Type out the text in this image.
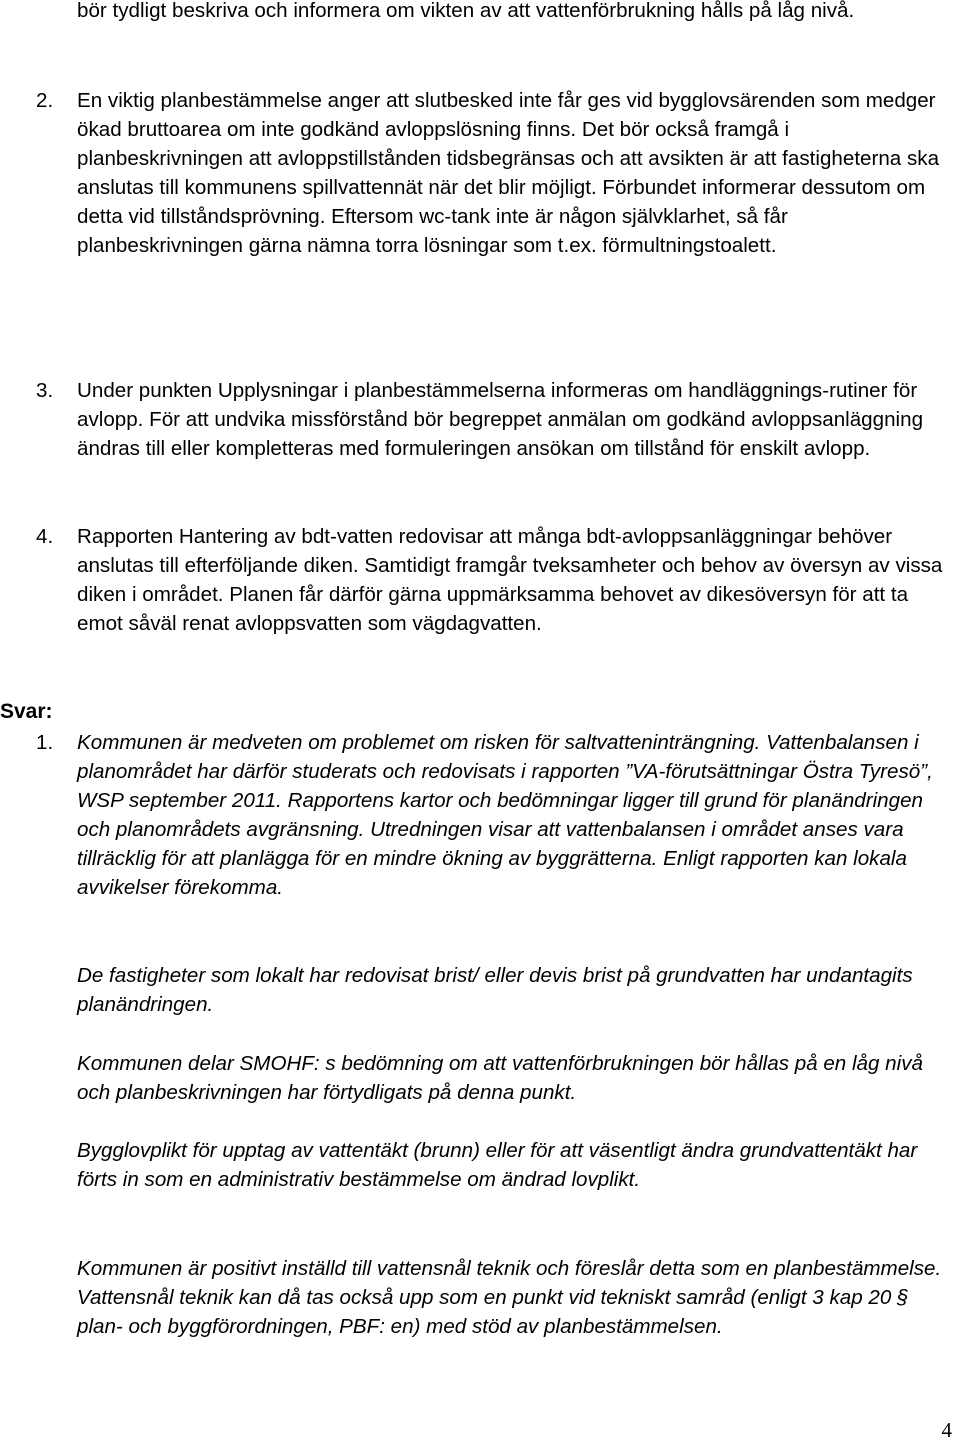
bör tydligt beskriva och informera om vikten av att vattenförbrukning hålls på låg nivå.

2. En viktig planbestämmelse anger att slutbesked inte får ges vid bygglovsärenden som medger ökad bruttoarea om inte godkänd avloppslösning finns. Det bör också framgå i planbeskrivningen att avloppstillstånden tidsbegränsas och att avsikten är att fastigheterna ska anslutas till kommunens spillvattennät när det blir möjligt. Förbundet informerar dessutom om detta vid tillståndsprövning. Eftersom wc-tank inte är någon självklarhet, så får planbeskrivningen gärna nämna torra lösningar som t.ex. förmultningstoalett.

3. Under punkten Upplysningar i planbestämmelserna informeras om handläggnings-rutiner för avlopp. För att undvika missförstånd bör begreppet anmälan om godkänd avloppsanläggning ändras till eller kompletteras med formuleringen ansökan om tillstånd för enskilt avlopp.

4. Rapporten Hantering av bdt-vatten redovisar att många bdt-avloppsanläggningar behöver anslutas till efterföljande diken. Samtidigt framgår tveksamheter och behov av översyn av vissa diken i området. Planen får därför gärna uppmärksamma behovet av dikesöversyn för att ta emot såväl renat avloppsvatten som vägdagvatten.

Svar:
1. Kommunen är medveten om problemet om risken för saltvatteninträngning. Vattenbalansen i planområdet har därför studerats och redovisats i rapporten ”VA-förutsättningar Östra Tyresö”, WSP september 2011. Rapportens kartor och bedömningar ligger till grund för planändringen och planområdets avgränsning. Utredningen visar att vattenbalansen i området anses vara tillräcklig för att planlägga för en mindre ökning av byggrätterna. Enligt rapporten kan lokala avvikelser förekomma.

De fastigheter som lokalt har redovisat brist/ eller devis brist på grundvatten har undantagits planändringen.

Kommunen delar SMOHF: s bedömning om att vattenförbrukningen bör hållas på en låg nivå och planbeskrivningen har förtydligats på denna punkt.

Bygglovplikt för upptag av vattentäkt (brunn) eller för att väsentligt ändra grundvattentäkt har förts in som en administrativ bestämmelse om ändrad lovplikt.

Kommunen är positivt inställd till vattensnål teknik och föreslår detta som en planbestämmelse. Vattensnål teknik kan då tas också upp som en punkt vid tekniskt samråd (enligt 3 kap 20 § plan- och byggförordningen, PBF: en) med stöd av planbestämmelsen.

4
